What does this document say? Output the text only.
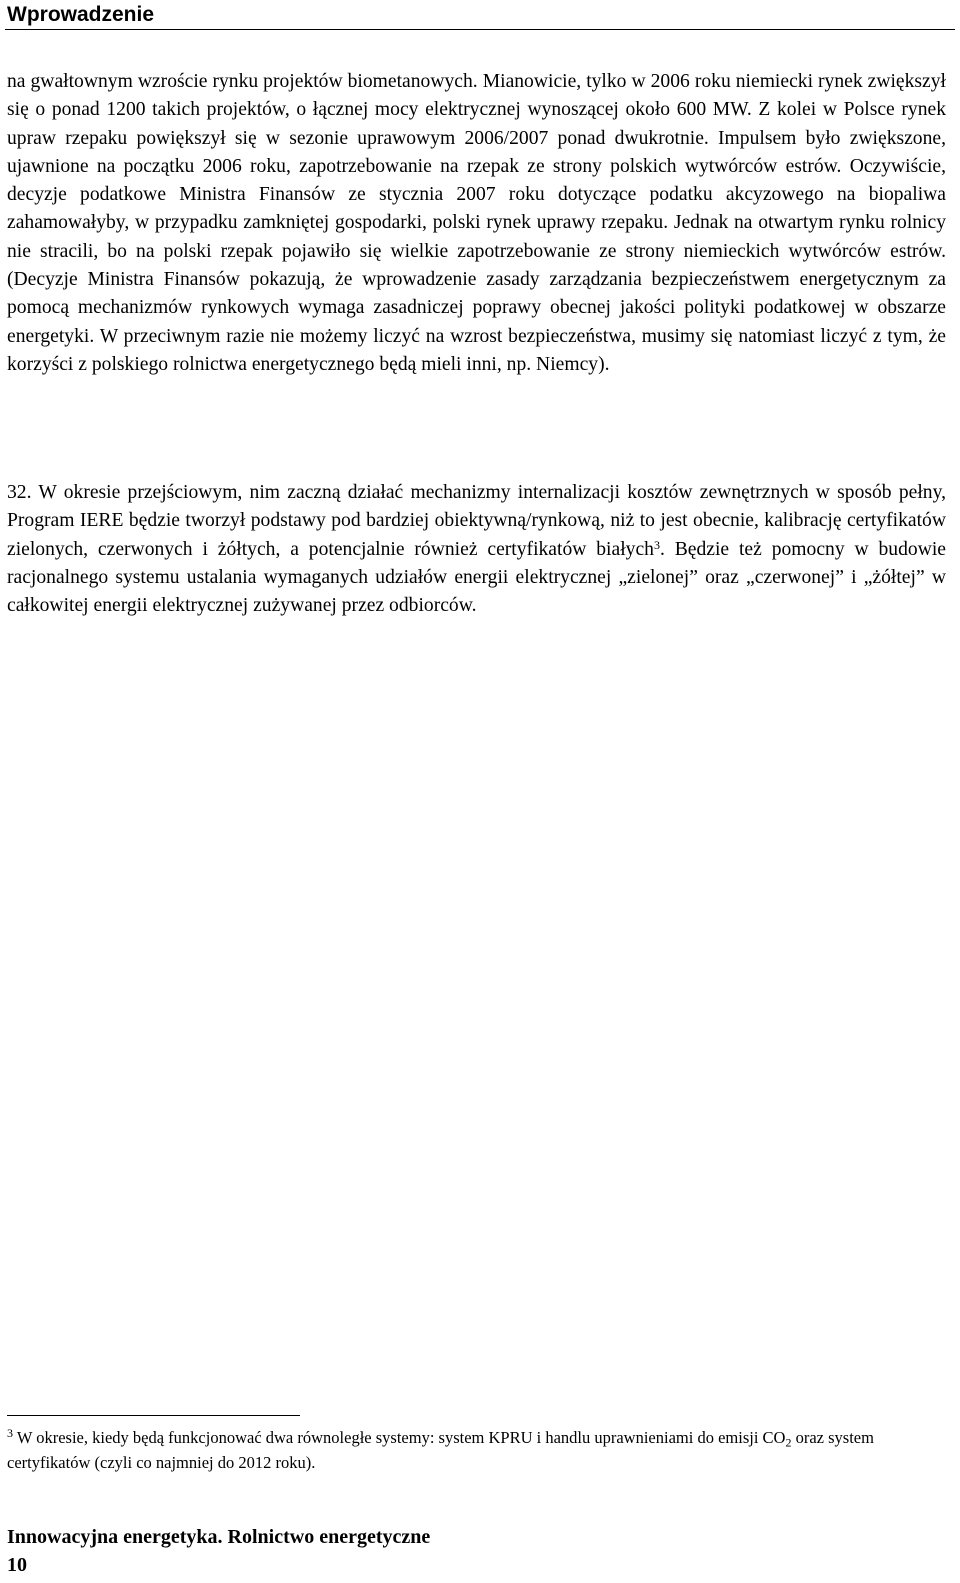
Wprowadzenie

na gwałtownym wzroście rynku projektów biometanowych. Mianowicie, tylko w 2006 roku niemiecki rynek zwiększył się o ponad 1200 takich projektów, o łącznej mocy elektrycznej wynoszącej około 600 MW. Z kolei w Polsce rynek upraw rzepaku powiększył się w sezonie uprawowym 2006/2007 ponad dwukrotnie. Impulsem było zwiększone, ujawnione na początku 2006 roku, zapotrzebowanie na rzepak ze strony polskich wytwórców estrów. Oczywiście, decyzje podatkowe Ministra Finansów ze stycznia 2007 roku dotyczące podatku akcyzowego na biopaliwa zahamowałyby, w przypadku zamkniętej gospodarki, polski rynek uprawy rzepaku. Jednak na otwartym rynku rolnicy nie stracili, bo na polski rzepak pojawiło się wielkie zapotrzebowanie ze strony niemieckich wytwórców estrów. (Decyzje Ministra Finansów pokazują, że wprowadzenie zasady zarządzania bezpieczeństwem energetycznym za pomocą mechanizmów rynkowych wymaga zasadniczej poprawy obecnej jakości polityki podatkowej w obszarze energetyki. W przeciwnym razie nie możemy liczyć na wzrost bezpieczeństwa, musimy się natomiast liczyć z tym, że korzyści z polskiego rolnictwa energetycznego będą mieli inni, np. Niemcy).

32. W okresie przejściowym, nim zaczną działać mechanizmy internalizacji kosztów zewnętrznych w sposób pełny, Program IERE będzie tworzył podstawy pod bardziej obiektywną/rynkową, niż to jest obecnie, kalibrację certyfikatów zielonych, czerwonych i żółtych, a potencjalnie również certyfikatów białych$^3$. Będzie też pomocny w budowie racjonalnego systemu ustalania wymaganych udziałów energii elektrycznej „zielonej” oraz „czerwonej” i „żółtej” w całkowitej energii elektrycznej zużywanej przez odbiorców.

$^3$ W okresie, kiedy będą funkcjonować dwa równoległe systemy: system KPRU i handlu uprawnieniami do emisji $CO_2$ oraz system certyfikatów (czyli co najmniej do 2012 roku).

Innowacyjna energetyka. Rolnictwo energetyczne
10
